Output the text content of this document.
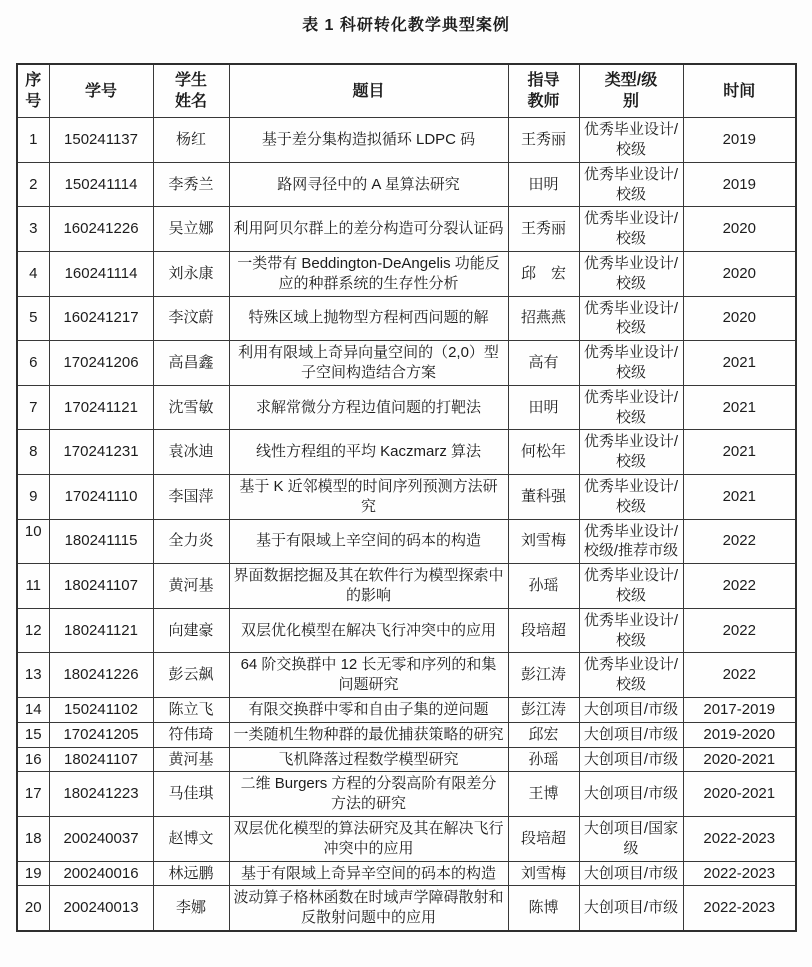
表 1 科研转化教学典型案例
序号	学号	学生姓名	题目	指导教师	类型/级别	时间
1	150241137	杨红	基于差分集构造拟循环 LDPC 码	王秀丽	优秀毕业设计/校级	2019
2	150241114	李秀兰	路网寻径中的 A 星算法研究	田明	优秀毕业设计/校级	2019
3	160241226	吴立娜	利用阿贝尔群上的差分构造可分裂认证码	王秀丽	优秀毕业设计/校级	2020
4	160241114	刘永康	一类带有 Beddington-DeAngelis 功能反应的种群系统的生存性分析	邱　宏	优秀毕业设计/校级	2020
5	160241217	李汶蔚	特殊区域上抛物型方程柯西问题的解	招燕燕	优秀毕业设计/校级	2020
6	170241206	高昌鑫	利用有限域上奇异向量空间的（2,0）型子空间构造结合方案	高有	优秀毕业设计/校级	2021
7	170241121	沈雪敏	求解常微分方程边值问题的打靶法	田明	优秀毕业设计/校级	2021
8	170241231	袁冰迪	线性方程组的平均 Kaczmarz 算法	何松年	优秀毕业设计/校级	2021
9	170241110	李国萍	基于 K 近邻模型的时间序列预测方法研究	董科强	优秀毕业设计/校级	2021
10	180241115	全力炎	基于有限域上辛空间的码本的构造	刘雪梅	优秀毕业设计/校级/推荐市级	2022
11	180241107	黄河基	界面数据挖掘及其在软件行为模型探索中的影响	孙瑶	优秀毕业设计/校级	2022
12	180241121	向建豪	双层优化模型在解决飞行冲突中的应用	段培超	优秀毕业设计/校级	2022
13	180241226	彭云飙	64 阶交换群中 12 长无零和序列的和集问题研究	彭江涛	优秀毕业设计/校级	2022
14	150241102	陈立飞	有限交换群中零和自由子集的逆问题	彭江涛	大创项目/市级	2017-2019
15	170241205	符伟琦	一类随机生物种群的最优捕获策略的研究	邱宏	大创项目/市级	2019-2020
16	180241107	黄河基	飞机降落过程数学模型研究	孙瑶	大创项目/市级	2020-2021
17	180241223	马佳琪	二维 Burgers 方程的分裂高阶有限差分方法的研究	王博	大创项目/市级	2020-2021
18	200240037	赵博文	双层优化模型的算法研究及其在解决飞行冲突中的应用	段培超	大创项目/国家级	2022-2023
19	200240016	林远鹏	基于有限域上奇异辛空间的码本的构造	刘雪梅	大创项目/市级	2022-2023
20	200240013	李娜	波动算子格林函数在时域声学障碍散射和反散射问题中的应用	陈博	大创项目/市级	2022-2023
